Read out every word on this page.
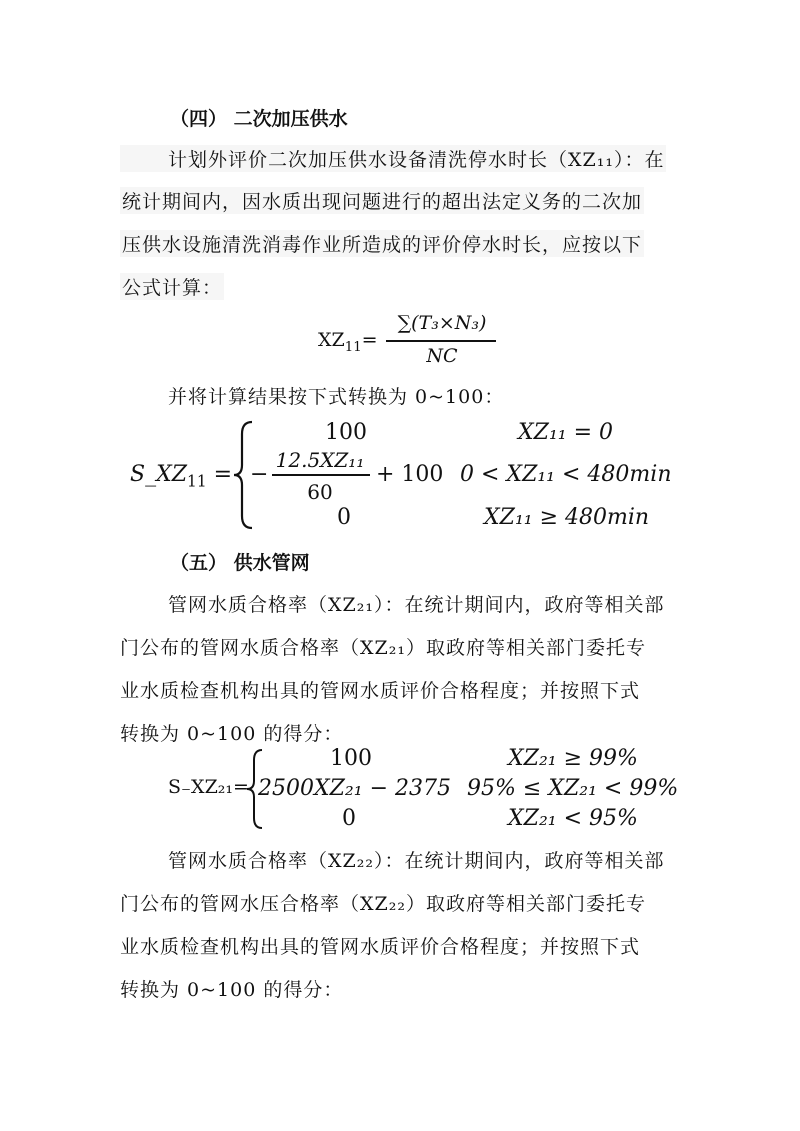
（四） 二次加压供水
计划外评价二次加压供水设备清洗停水时长（XZ₁₁）：在
统计期间内，因水质出现问题进行的超出法定义务的二次加
压供水设施清洗消毒作业所造成的评价停水时长，应按以下
公式计算：
$XZ_{11}=$
∑(T₃×N₃)
NC
并将计算结果按下式转换为 0~100：
$S\_XZ_{11}$ =
100	XZ₁₁ = 0
−
12.5XZ₁₁
60
+ 100 0 < XZ₁₁ < 480min
0	XZ₁₁ ≥ 480min
（五） 供水管网
管网水质合格率（XZ₂₁）：在统计期间内，政府等相关部
门公布的管网水质合格率（XZ₂₁）取政府等相关部门委托专
业水质检查机构出具的管网水质评价合格程度；并按照下式
转换为 0~100 的得分：
S₋XZ₂₁=
100	XZ₂₁ ≥ 99%
2500XZ₂₁ − 2375 95% ≤ XZ₂₁ < 99%
0	XZ₂₁ < 95%
管网水质合格率（XZ₂₂）：在统计期间内，政府等相关部
门公布的管网水压合格率（XZ₂₂）取政府等相关部门委托专
业水质检查机构出具的管网水质评价合格程度；并按照下式
转换为 0~100 的得分：
